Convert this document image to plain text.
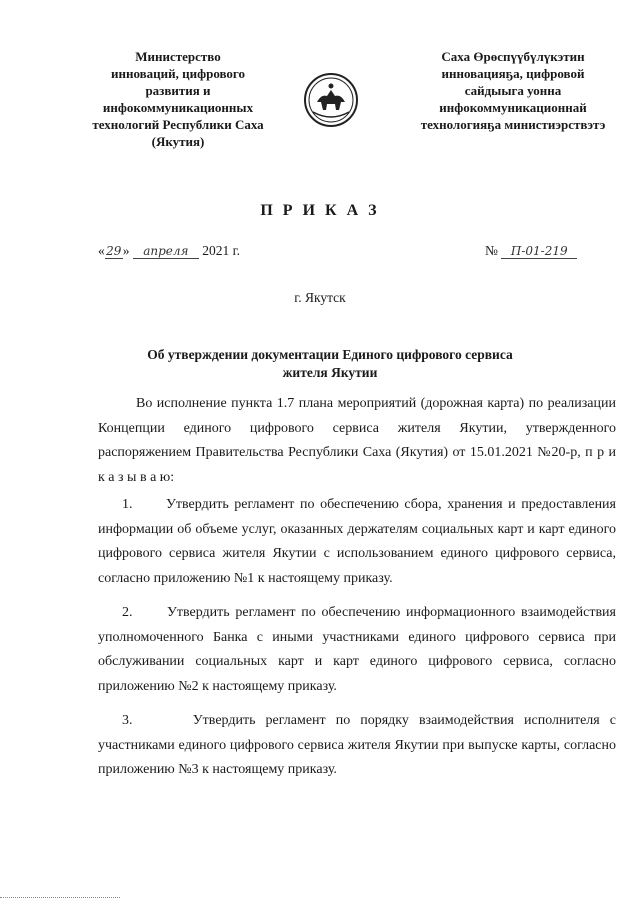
Министерство
инноваций, цифрового
развития и
инфокоммуникационных
технологий Республики Саха
(Якутия)
Саха Өрөспүүбүлүкэтин
инновацияҕа, цифровой
сайдыыга уонна
инфокоммуникационнай
технологияҕа министиэрствэтэ
П Р И К А З
«29» апреля 2021 г.	№ П-01-219
г. Якутск
Об утверждении документации Единого цифрового сервиса жителя Якутии

Во исполнение пункта 1.7 плана мероприятий (дорожная карта) по реализации Концепции единого цифрового сервиса жителя Якутии, утвержденного распоряжением Правительства Республики Саха (Якутия) от 15.01.2021 №20-р, п р и к а з ы в а ю:

1.      Утвердить регламент по обеспечению сбора, хранения и предоставления информации об объеме услуг, оказанных держателям социальных карт и карт единого цифрового сервиса жителя Якутии с использованием единого цифрового сервиса, согласно приложению №1 к настоящему приказу.

2.      Утвердить регламент по обеспечению информационного взаимодействия уполномоченного Банка с иными участниками единого цифрового сервиса при обслуживании социальных карт и карт единого цифрового сервиса, согласно приложению №2 к настоящему приказу.

3.      Утвердить регламент по порядку взаимодействия исполнителя с участниками единого цифрового сервиса жителя Якутии при выпуске карты, согласно приложению №3 к настоящему приказу.
